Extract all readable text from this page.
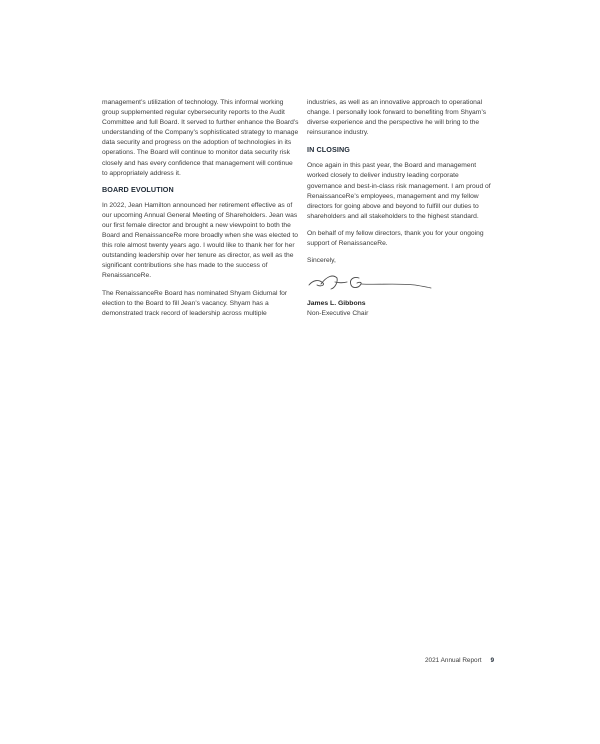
management’s utilization of technology. This informal working group supplemented regular cybersecurity reports to the Audit Committee and full Board. It served to further enhance the Board’s understanding of the Company’s sophisticated strategy to manage data security and progress on the adoption of technologies in its operations. The Board will continue to monitor data security risk closely and has every confidence that management will continue to appropriately address it.

BOARD EVOLUTION

In 2022, Jean Hamilton announced her retirement effective as of our upcoming Annual General Meeting of Shareholders. Jean was our first female director and brought a new viewpoint to both the Board and RenaissanceRe more broadly when she was elected to this role almost twenty years ago. I would like to thank her for her outstanding leadership over her tenure as director, as well as the significant contributions she has made to the success of RenaissanceRe.

The RenaissanceRe Board has nominated Shyam Gidumal for election to the Board to fill Jean’s vacancy. Shyam has a demonstrated track record of leadership across multiple

industries, as well as an innovative approach to operational change. I personally look forward to benefiting from Shyam’s diverse experience and the perspective he will bring to the reinsurance industry.

IN CLOSING

Once again in this past year, the Board and management worked closely to deliver industry leading corporate governance and best-in-class risk management. I am proud of RenaissanceRe’s employees, management and my fellow directors for going above and beyond to fulfill our duties to shareholders and all stakeholders to the highest standard.

On behalf of my fellow directors, thank you for your ongoing support of RenaissanceRe.

Sincerely,

James L. Gibbons

Non-Executive Chair

2021 Annual Report 9
